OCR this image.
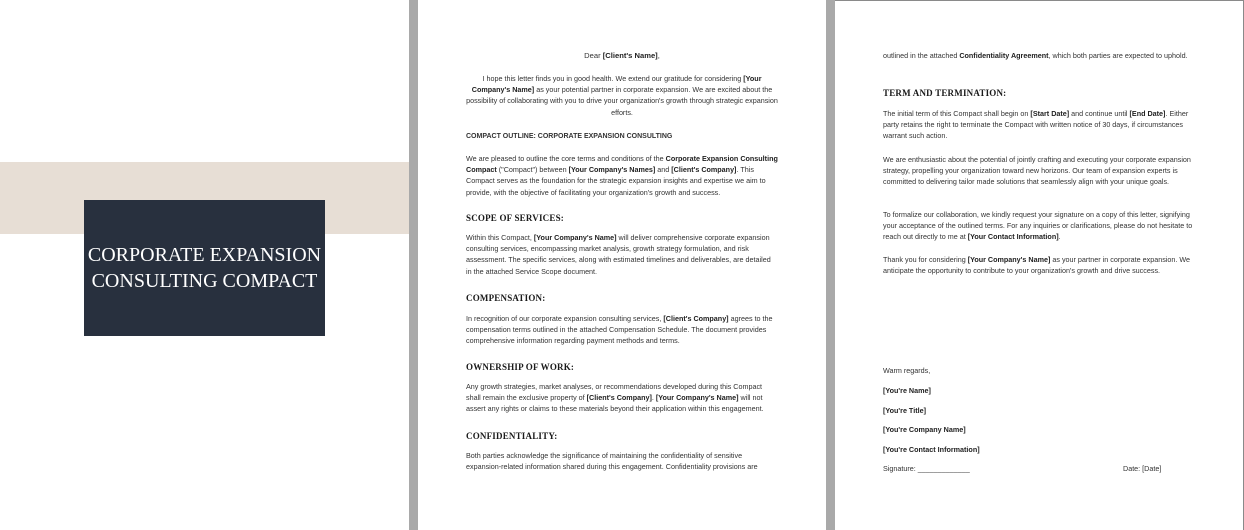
CORPORATE EXPANSION
CONSULTING COMPACT

Dear [Client's Name],

I hope this letter finds you in good health. We extend our gratitude for considering [Your Company's Name] as your potential partner in corporate expansion. We are excited about the possibility of collaborating with you to drive your organization's growth through strategic expansion efforts.

COMPACT OUTLINE: CORPORATE EXPANSION CONSULTING

We are pleased to outline the core terms and conditions of the Corporate Expansion Consulting Compact ("Compact") between [Your Company's Names] and [Client's Company]. This Compact serves as the foundation for the strategic expansion insights and expertise we aim to provide, with the objective of facilitating your organization's growth and success.

SCOPE OF SERVICES:

Within this Compact, [Your Company's Name] will deliver comprehensive corporate expansion consulting services, encompassing market analysis, growth strategy formulation, and risk assessment. The specific services, along with estimated timelines and deliverables, are detailed in the attached Service Scope document.

COMPENSATION:

In recognition of our corporate expansion consulting services, [Client's Company] agrees to the compensation terms outlined in the attached Compensation Schedule. The document provides comprehensive information regarding payment methods and terms.

OWNERSHIP OF WORK:

Any growth strategies, market analyses, or recommendations developed during this Compact shall remain the exclusive property of [Client's Company]. [Your Company's Name] will not assert any rights or claims to these materials beyond their application within this engagement.

CONFIDENTIALITY:

Both parties acknowledge the significance of maintaining the confidentiality of sensitive expansion-related information shared during this engagement. Confidentiality provisions are

outlined in the attached Confidentiality Agreement, which both parties are expected to uphold.

TERM AND TERMINATION:

The initial term of this Compact shall begin on [Start Date] and continue until [End Date]. Either party retains the right to terminate the Compact with written notice of 30 days, if circumstances warrant such action.

We are enthusiastic about the potential of jointly crafting and executing your corporate expansion strategy, propelling your organization toward new horizons. Our team of expansion experts is committed to delivering tailor made solutions that seamlessly align with your unique goals.

To formalize our collaboration, we kindly request your signature on a copy of this letter, signifying your acceptance of the outlined terms. For any inquiries or clarifications, please do not hesitate to reach out directly to me at [Your Contact Information].

Thank you for considering [Your Company's Name] as your partner in corporate expansion. We anticipate the opportunity to contribute to your organization's growth and drive success.

Warm regards,

[You're Name]

[You're Title]

[You're Company Name]

[You're Contact Information]

Signature: _____________	Date: [Date]
